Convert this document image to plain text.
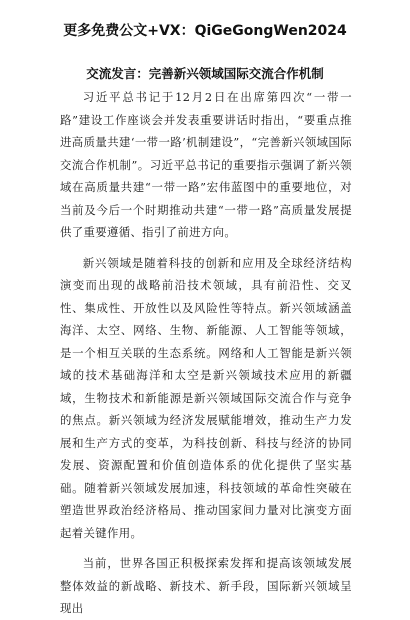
更多免费公文+VX：QiGeGongWen2024
交流发言：完善新兴领域国际交流合作机制

习近平总书记于12月2日在出席第四次“一带一路”建设工作座谈会并发表重要讲话时指出，“要重点推进高质量共建‘一带一路’机制建设”，“完善新兴领域国际交流合作机制”。习近平总书记的重要指示强调了新兴领域在高质量共建“一带一路”宏伟蓝图中的重要地位，对当前及今后一个时期推动共建“一带一路”高质量发展提供了重要遵循、指引了前进方向。

新兴领域是随着科技的创新和应用及全球经济结构演变而出现的战略前沿技术领域，具有前沿性、交叉性、集成性、开放性以及风险性等特点。新兴领域涵盖海洋、太空、网络、生物、新能源、人工智能等领域，是一个相互关联的生态系统。网络和人工智能是新兴领域的技术基础海洋和太空是新兴领域技术应用的新疆域，生物技术和新能源是新兴领域国际交流合作与竞争的焦点。新兴领域为经济发展赋能增效，推动生产力发展和生产方式的变革，为科技创新、科技与经济的协同发展、资源配置和价值创造体系的优化提供了坚实基础。随着新兴领域发展加速，科技领域的革命性突破在塑造世界政治经济格局、推动国家间力量对比演变方面起着关键作用。

当前，世界各国正积极探索发挥和提高该领域发展整体效益的新战略、新技术、新手段，国际新兴领域呈现出
